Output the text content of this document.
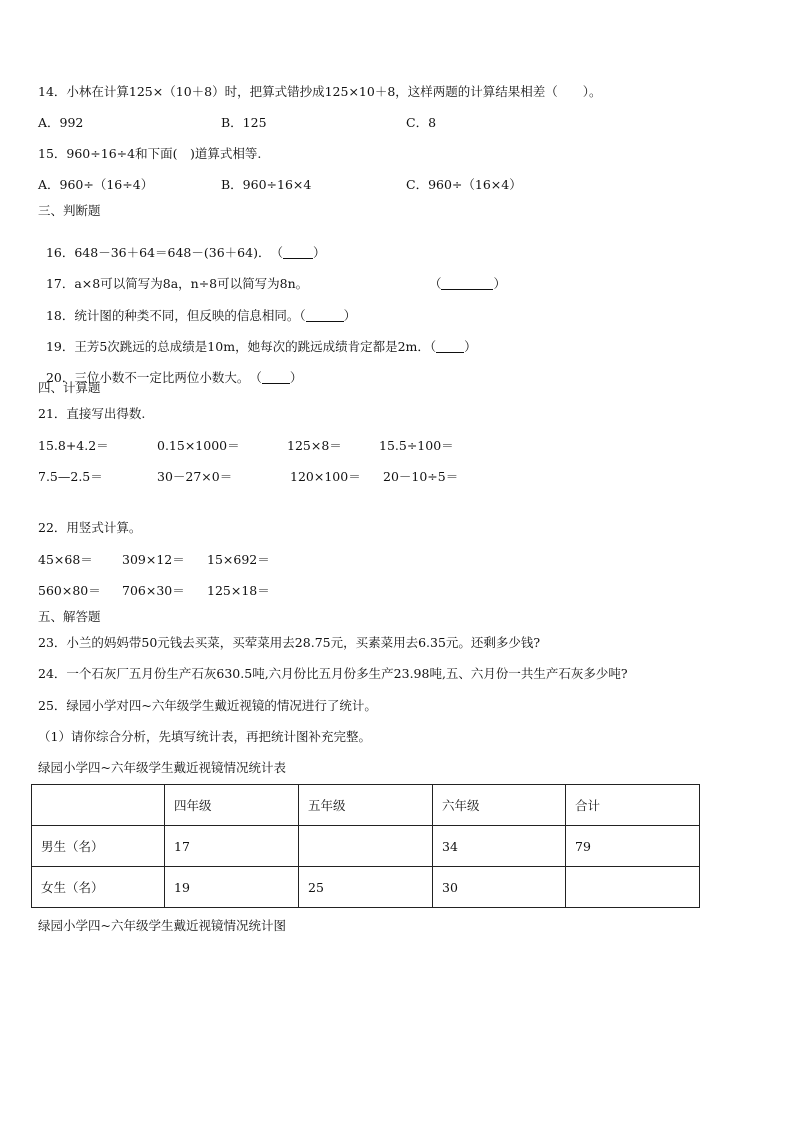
14．小林在计算125×（10＋8）时，把算式错抄成125×10＋8，这样两题的计算结果相差（　　）。
A．992	B．125	C．8
15．960÷16÷4和下面(　)道算式相等.
A．960÷（16÷4）	B．960÷16×4	C．960÷（16×4）
三、判断题

16．648－36＋64＝648－(36＋64)．　（ ）

17．a×8可以简写为8a，n÷8可以简写为8n。	（	）

18．统计图的种类不同，但反映的信息相同。（	）

19．王芳5次跳远的总成绩是10m，她每次的跳远成绩肯定都是2m．（ ）

20．三位小数不一定比两位小数大。　（ ）

四、计算题
21．直接写出得数.
15.8+4.2＝	0.15×1000＝	125×8＝	15.5÷100＝
7.5—2.5＝	30－27×0＝	120×100＝ 20－10÷5＝
22．用竖式计算。
45×68＝ 309×12＝ 15×692＝
560×80＝ 706×30＝ 125×18＝
五、解答题
23．小兰的妈妈带50元钱去买菜，买荤菜用去28.75元，买素菜用去6.35元。还剩多少钱?
24．一个石灰厂五月份生产石灰630.5吨,六月份比五月份多生产23.98吨,五、六月份一共生产石灰多少吨?
25．绿园小学对四~六年级学生戴近视镜的情况进行了统计。
（1）请你综合分析，先填写统计表，再把统计图补充完整。
绿园小学四~六年级学生戴近视镜情况统计表
	四年级	五年级	六年级	合计
男生（名）	17		34	79
女生（名）	19	25	30	
绿园小学四~六年级学生戴近视镜情况统计图
